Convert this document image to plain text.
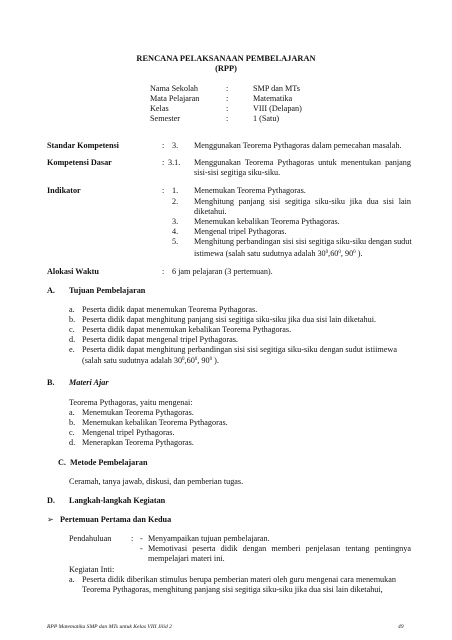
RENCANA PELAKSANAAN PEMBELAJARAN
(RPP)
Nama Sekolah	:	SMP dan MTs
Mata Pelajaran	:	Matematika
Kelas	:	VIII (Delapan)
Semester	:	1 (Satu)
Standar Kompetensi	: 3. Menggunakan Teorema Pythagoras dalam pemecahan masalah.
Kompetensi Dasar	: 3.1. Menggunakan Teorema Pythagoras untuk menentukan panjang
sisi-sisi segitiga siku-siku.
Indikator	: 1. Menemukan Teorema Pythagoras.
2. Menghitung panjang sisi segitiga siku-siku jika dua sisi lain
diketahui.
3. Menemukan kebalikan Teorema Pythagoras.
4. Mengenal tripel Pythagoras.
5. Menghitung perbandingan sisi sisi segitiga siku-siku dengan sudut
istimewa (salah satu sudutnya adalah $30^0,60^0$, $90^0$ ).
Alokasi Waktu	: 6 jam pelajaran (3 pertemuan).
A. Tujuan Pembelajaran
a. Peserta didik dapat menemukan Teorema Pythagoras.
b. Peserta didik dapat menghitung panjang sisi segitiga siku-siku jika dua sisi lain diketahui.
c. Peserta didik dapat menemukan kebalikan Teorema Pythagoras.
d. Peserta didik dapat mengenal tripel Pythagoras.
e. Peserta didik dapat menghitung perbandingan sisi sisi segitiga siku-siku dengan sudut istiimewa
(salah satu sudutnya adalah $30^0,60^0$, $90^0$ ).
B. Materi Ajar
Teorema Pythagoras, yaitu mengenai:
a. Menemukan Teorema Pythagoras.
b. Menemukan kebalikan Teorema Pythagoras.
c. Mengenal tripel Pythagoras.
d. Menerapkan Teorema Pythagoras.
C. Metode Pembelajaran
Ceramah, tanya jawab, diskusi, dan pemberian tugas.
D. Langkah-langkah Kegiatan
➢ Pertemuan Pertama dan Kedua
Pendahuluan : - Menyampaikan tujuan pembelajaran.
- Memotivasi peserta didik dengan memberi penjelasan tentang pentingnya
mempelajari materi ini.
Kegiatan Inti:
a. Peserta didik diberikan stimulus berupa pemberian materi oleh guru mengenai cara menemukan
Teorema Pythagoras, menghitung panjang sisi segitiga siku-siku jika dua sisi lain diketahui,
RPP Matematika SMP dan MTs untuk Kelas VIII Jilid 2	49
